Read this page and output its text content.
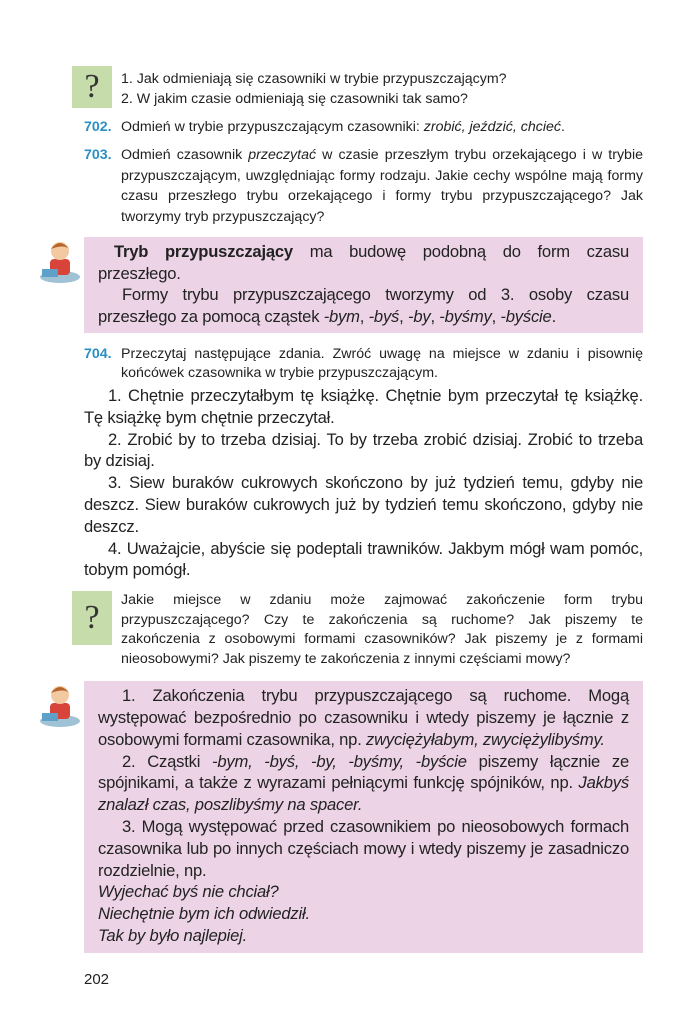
?	1. Jak odmieniają się czasowniki w trybie przypuszczającym?
2. W jakim czasie odmieniają się czasowniki tak samo?
702. Odmień w trybie przypuszczającym czasowniki: zrobić, jeździć, chcieć.
703. Odmień czasownik przeczytać w czasie przeszłym trybu orzekającego i w trybie przypuszczającym, uwzględniając formy rodzaju. Jakie cechy wspólne mają formy czasu przeszłego trybu orzekającego i formy trybu przypuszczającego? Jak tworzymy tryb przypuszczający?
Tryb przypuszczający ma budowę podobną do form czasu przeszłego.
Formy trybu przypuszczającego tworzymy od 3. osoby czasu przeszłego za pomocą cząstek -bym, -byś, -by, -byśmy, -byście.
704. Przeczytaj następujące zdania. Zwróć uwagę na miejsce w zdaniu i pisownię końcówek czasownika w trybie przypuszczającym.
1. Chętnie przeczytałbym tę książkę. Chętnie bym przeczytał tę książkę. Tę książkę bym chętnie przeczytał.
2. Zrobić by to trzeba dzisiaj. To by trzeba zrobić dzisiaj. Zrobić to trzeba by dzisiaj.
3. Siew buraków cukrowych skończono by już tydzień temu, gdyby nie deszcz. Siew buraków cukrowych już by tydzień temu skończono, gdyby nie deszcz.
4. Uważajcie, abyście się podeptali trawników. Jakbym mógł wam pomóc, tobym pomógł.
?	Jakie miejsce w zdaniu może zajmować zakończenie form trybu przypuszczającego? Czy te zakończenia są ruchome? Jak piszemy te zakończenia z osobowymi formami czasowników? Jak piszemy je z formami nieosobowymi? Jak piszemy te zakończenia z innymi częściami mowy?
1. Zakończenia trybu przypuszczającego są ruchome. Mogą występować bezpośrednio po czasowniku i wtedy piszemy je łącznie z osobowymi formami czasownika, np. zwyciężyłabym, zwyciężylibyśmy.
2. Cząstki -bym, -byś, -by, -byśmy, -byście piszemy łącznie ze spójnikami, a także z wyrazami pełniącymi funkcję spójników, np. Jakbyś znalazł czas, poszlibyśmy na spacer.
3. Mogą występować przed czasownikiem po nieosobowych formach czasownika lub po innych częściach mowy i wtedy piszemy je zasadniczo rozdzielnie, np.
Wyjechać byś nie chciał?
Niechętnie bym ich odwiedził.
Tak by było najlepiej.
202
